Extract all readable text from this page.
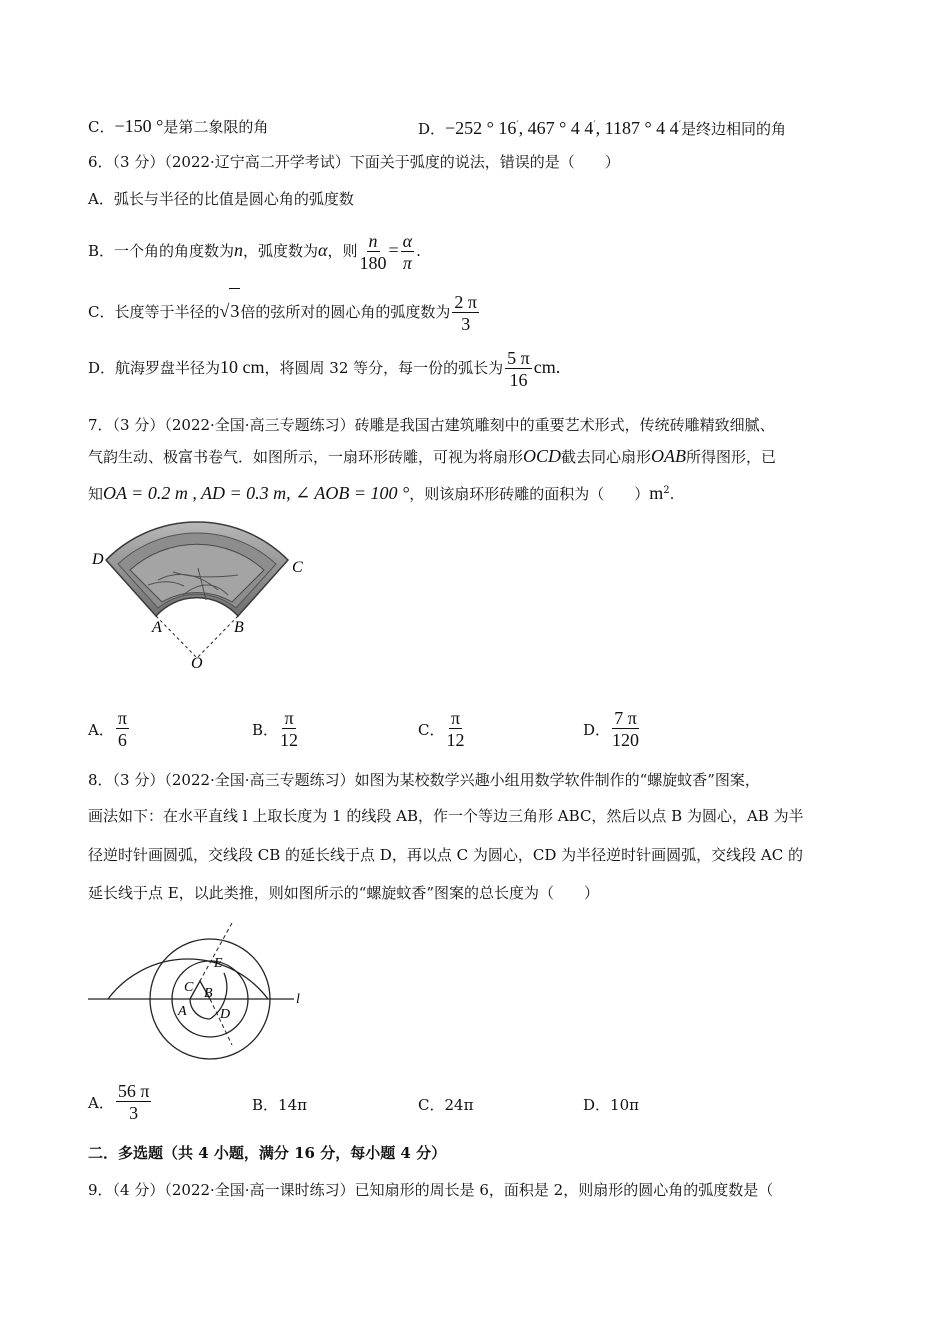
C．−150 °是第二象限的角	D．−252 ° 16′, 467 ° 4 4′, 1187 ° 4 4′是终边相同的角
6．（3 分）（2022·辽宁高二开学考试）下面关于弧度的说法，错误的是（　　）
A．弧长与半径的比值是圆心角的弧度数
B．一个角的角度数为n，弧度数为α，则 $\frac{n}{180} = \frac{\alpha}{\pi}$ .
C．长度等于半径的√3倍的弦所对的圆心角的弧度数为 $\frac{2 \pi}{3}$
D．航海罗盘半径为10 cm，将圆周 32 等分，每一份的弧长为 $\frac{5 \pi}{16}$ cm.
7．（3 分）（2022·全国·高三专题练习）砖雕是我国古建筑雕刻中的重要艺术形式，传统砖雕精致细腻、
气韵生动、极富书卷气．如图所示，一扇环形砖雕，可视为将扇形OCD截去同心扇形OAB所得图形，已
知OA = 0.2 m , AD = 0.3 m, ∠ AOB = 100 °，则该扇环形砖雕的面积为（　　）$m^2$.
D	C
A	B
O
A． $\frac{\pi}{6}$	B． $\frac{\pi}{12}$	C． $\frac{\pi}{12}$	D． $\frac{7 \pi}{120}$
8．（3 分）（2022·全国·高三专题练习）如图为某校数学兴趣小组用数学软件制作的“螺旋蚊香”图案，
画法如下：在水平直线 l 上取长度为 1 的线段 AB，作一个等边三角形 ABC，然后以点 B 为圆心，AB 为半
径逆时针画圆弧，交线段 CB 的延长线于点 D，再以点 C 为圆心，CD 为半径逆时针画圆弧，交线段 AC 的
延长线于点 E，以此类推，则如图所示的“螺旋蚊香”图案的总长度为（　　）
E
C B
A D
l
A． $\frac{56 \pi}{3}$	B．14π	C．24π	D．10π
二．多选题（共 4 小题，满分 16 分，每小题 4 分）
9．（4 分）（2022·全国·高一课时练习）已知扇形的周长是 6，面积是 2，则扇形的圆心角的弧度数是（
